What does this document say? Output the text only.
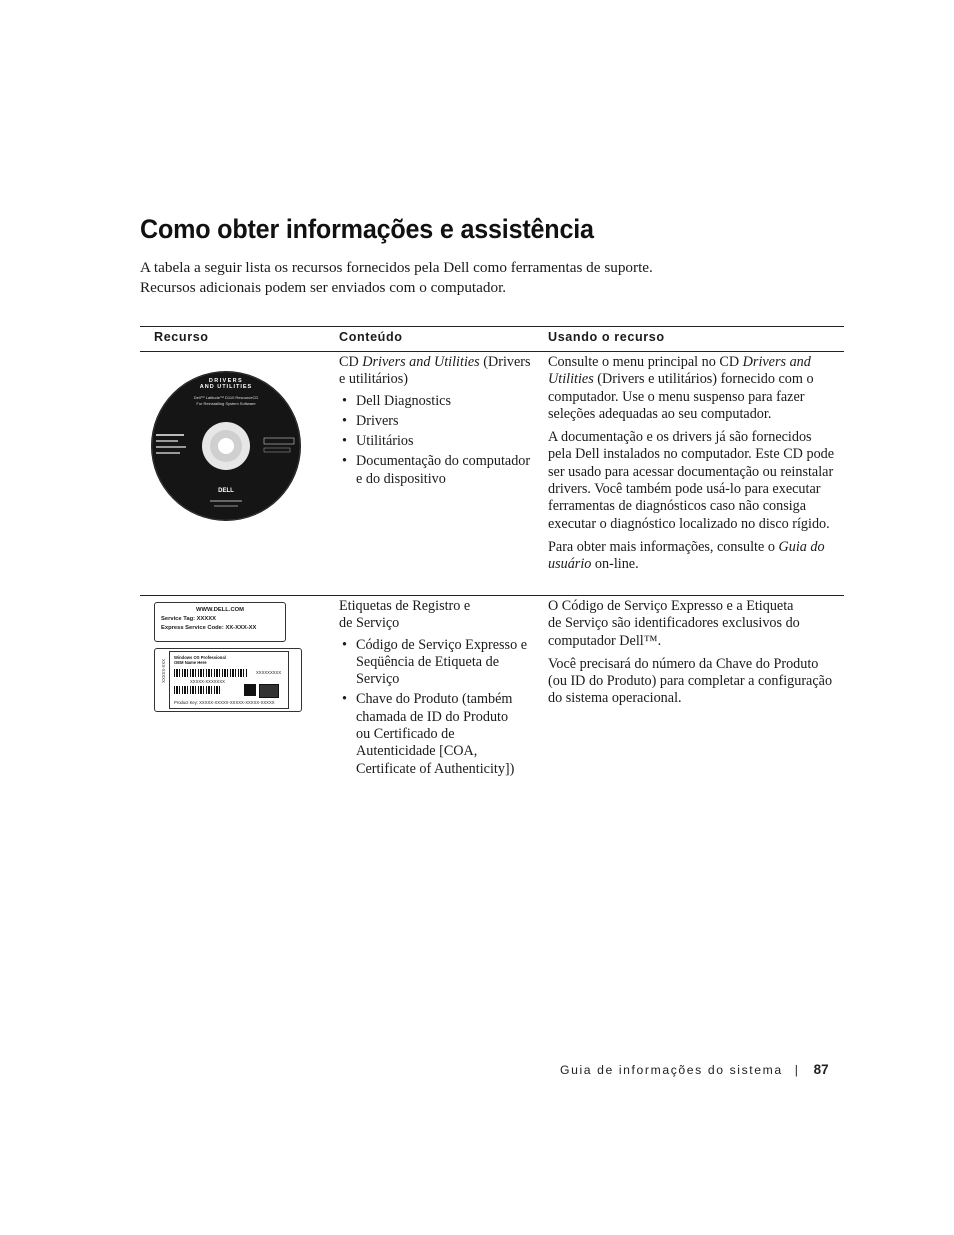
Como obter informações e assistência

A tabela a seguir lista os recursos fornecidos pela Dell como ferramentas de suporte.

Recursos adicionais podem ser enviados com o computador.

Recurso	Conteúdo	Usando o recurso
DRIVERS
AND UTILITIES
Dell™ Latitude™ D110 ResourceCD
For Reinstalling System Software
DELL

CD Drivers and Utilities (Drivers e utilitários)

• Dell Diagnostics
• Drivers
• Utilitários
• Documentação do computador e do dispositivo

Consulte o menu principal no CD Drivers and Utilities (Drivers e utilitários) fornecido com o computador. Use o menu suspenso para fazer seleções adequadas ao seu computador.

A documentação e os drivers já são fornecidos pela Dell instalados no computador. Este CD pode ser usado para acessar documentação ou reinstalar drivers. Você também pode usá-lo para executar ferramentas de diagnósticos caso não consiga executar o diagnóstico localizado no disco rígido.

Para obter mais informações, consulte o Guia do usuário on-line.

WWW.DELL.COM
Service Tag: XXXXX
Express Service Code: XX-XXX-XX
XXX-XXXXX
Windows OS Professional
OEM Name Here
XXXXXXXXX
XXXXX-XXXXXXX
Product Key: XXXXX-XXXXX-XXXXX-XXXXX-XXXXX

Etiquetas de Registro e de Serviço

• Código de Serviço Expresso e Seqüência de Etiqueta de Serviço
• Chave do Produto (também chamada de ID do Produto ou Certificado de Autenticidade [COA, Certificate of Authenticity])

O Código de Serviço Expresso e a Etiqueta de Serviço são identificadores exclusivos do computador Dell™.

Você precisará do número da Chave do Produto (ou ID do Produto) para completar a configuração do sistema operacional.

Guia de informações do sistema | 87
